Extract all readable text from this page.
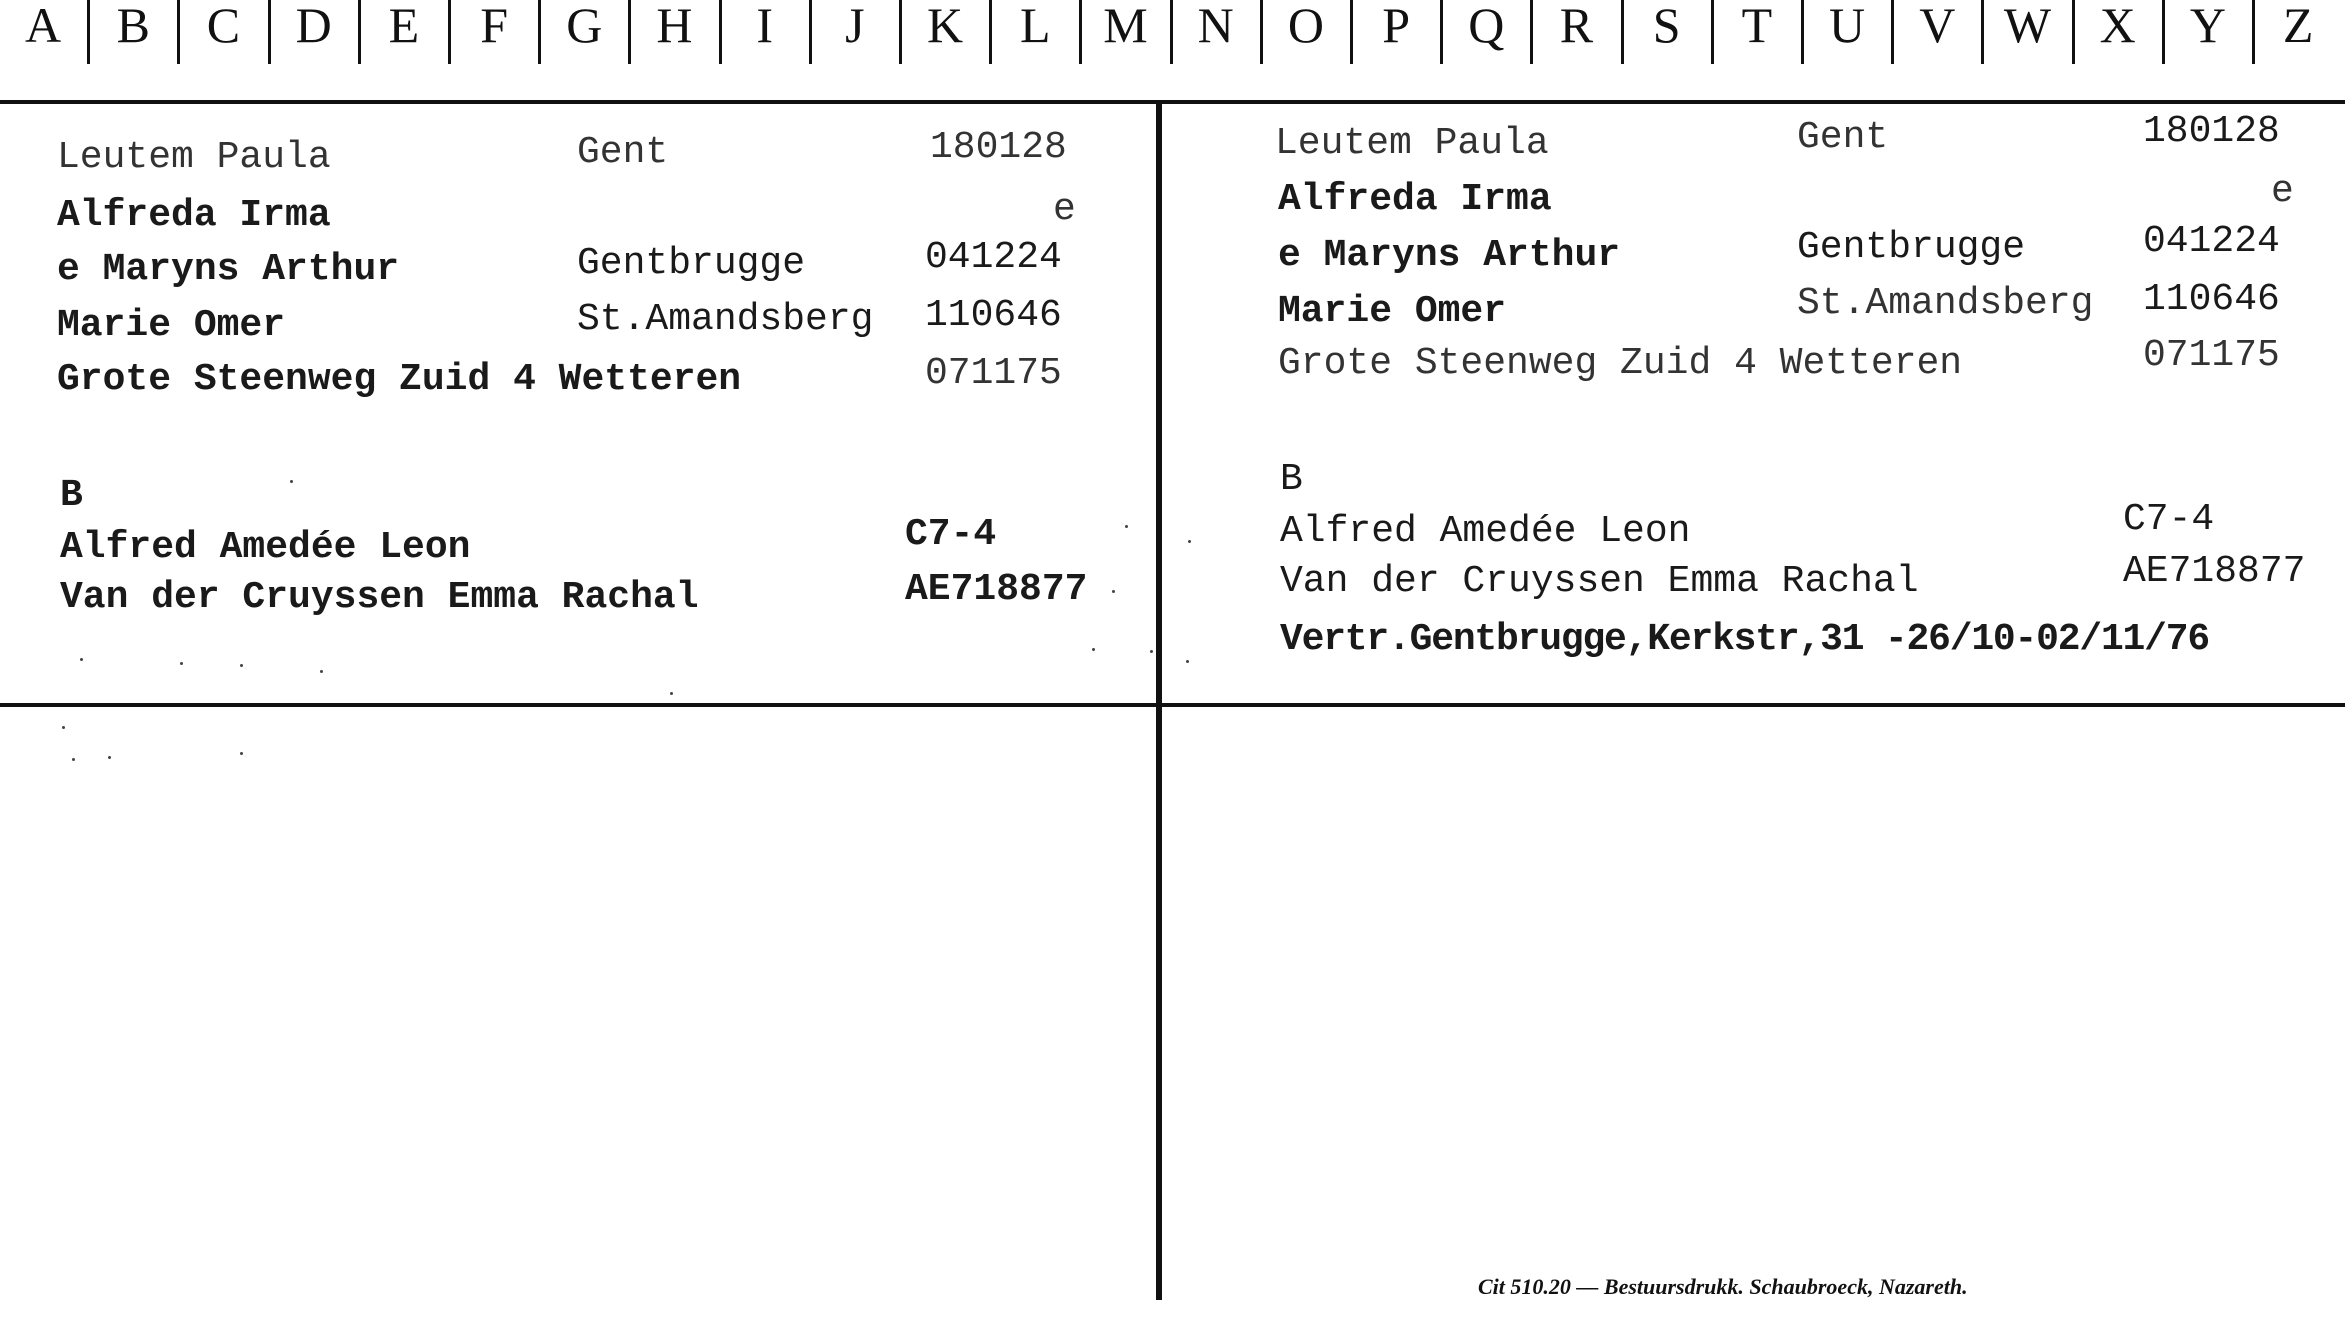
A	B	C	D	E	F	G	H	I	J	K	L	M N	O	P	Q	R	S	T	U	V W X	Y	Z
Leutem Paula	Gent	180128
Alfreda Irma	e
e Maryns Arthur	Gentbrugge	041224
Marie Omer	St.Amandsberg 110646
Grote Steenweg Zuid 4 Wetteren	071175
B
Alfred Amedée Leon	C7-4
Van der Cruyssen Emma Rachal	AE718877
Leutem Paula	Gent	180128
Alfreda Irma	e
e Maryns Arthur	Gentbrugge	041224
Marie Omer	St.Amandsberg 110646
Grote Steenweg Zuid 4 Wetteren	071175
B
Alfred Amedée Leon	C7-4
Van der Cruyssen Emma Rachal	AE718877
Vertr.Gentbrugge,Kerkstr,31 -26/10-02/11/76
Cit 510.20 — Bestuursdrukk. Schaubroeck, Nazareth.
